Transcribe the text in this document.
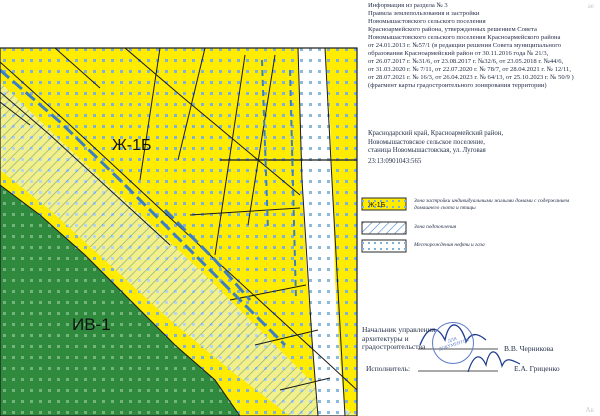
Ж-1Б
ИВ-1
Ж-1Б
Информация из раздела № 3
Правила землепользования и застройки
Новомышастовского сельского поселения
Красноармейского района, утвержденных решением Совета
Новомышастовского сельского поселения Красноармейского района
от 24.01.2013 г. №57/1 (в редакции решения Совета муниципального
образования Красноармейский район от 30.11.2016 года № 21/3,
от 26.07.2017 г. №31/6, от 23.08.2017 г. №32/6, от 23.05.2018 г. №44/6,
от 31.03.2020 г. № 7/11, от 22.07.2020 г. № 78/7, от 28.04.2021 г. № 12/11,
от 28.07.2021 г. № 16/3, от 26.04.2023 г. № 64/13, от 25.10.2023 г. № 50/9 )
(фрагмент карты градостроительного зонирования территории)
Краснодарский край, Красноармейский район,
Новомышастовское сельское поселение,
станица Новомышастовская, ул. Луговая
23:13:0901043:565
Зона застройки индивидуальными жилыми домами с содержанием домашнего скота и птицы
Зона подтопления
Месторождения нефти и газа
Начальник управления
архитектуры и
градостроительства	В.В. Черникова
Исполнитель:	Е.А. Гриценко
ДЛЯ ДОКУМЕНТОВ
ае
Ак
